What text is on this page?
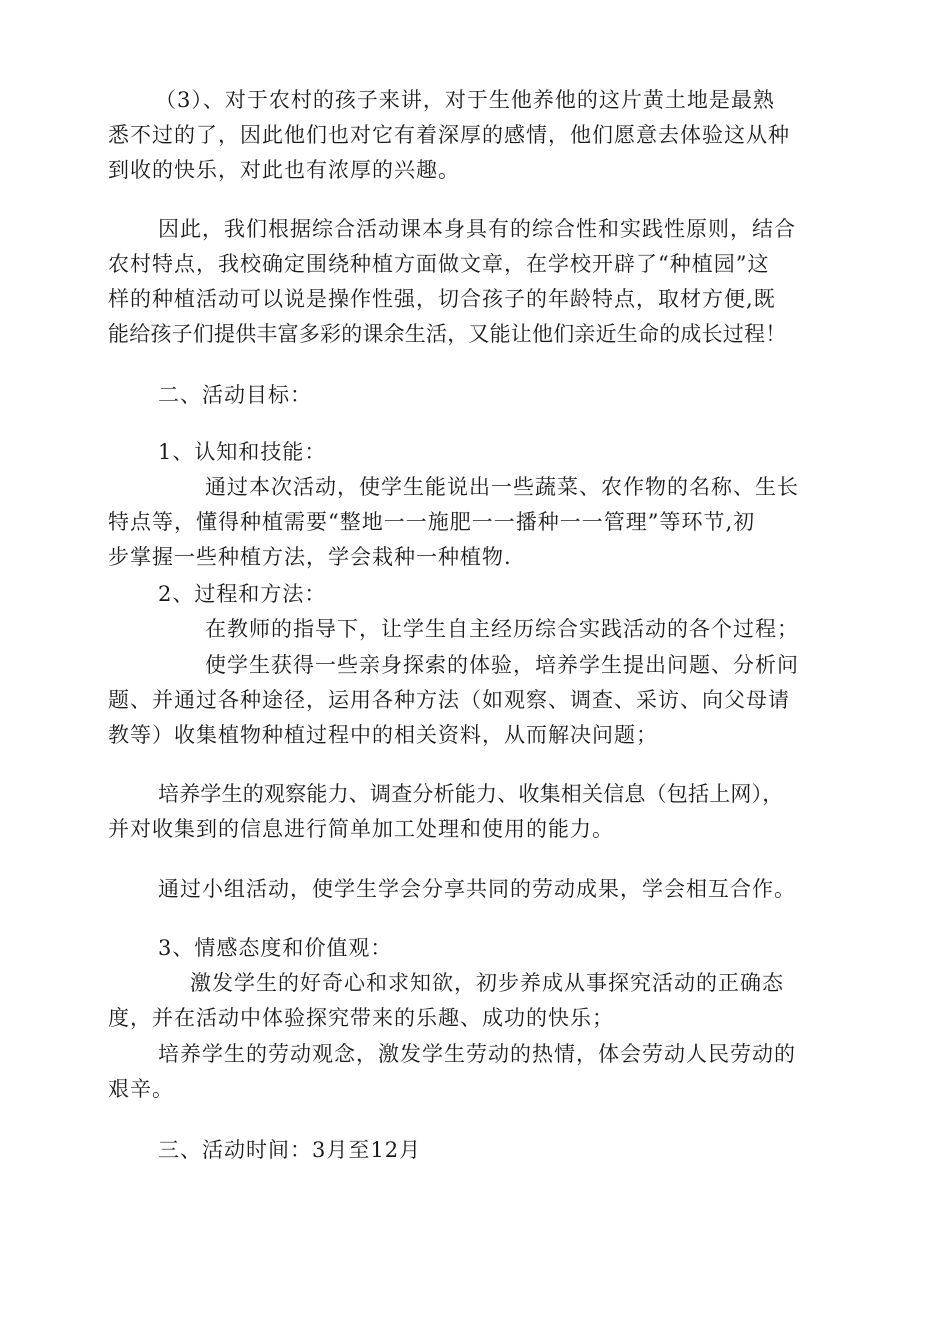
（3）、对于农村的孩子来讲，对于生他养他的这片黄土地是最熟

悉不过的了，因此他们也对它有着深厚的感情，他们愿意去体验这从种

到收的快乐，对此也有浓厚的兴趣。

因此，我们根据综合活动课本身具有的综合性和实践性原则，结合

农村特点，我校确定围绕种植方面做文章，在学校开辟了“种植园”这

样的种植活动可以说是操作性强，切合孩子的年龄特点，取材方便,既

能给孩子们提供丰富多彩的课余生活，又能让他们亲近生命的成长过程！

二、活动目标：

1、认知和技能：

通过本次活动，使学生能说出一些蔬菜、农作物的名称、生长

特点等，懂得种植需要“整地一一施肥一一播种一一管理”等环节,初

步掌握一些种植方法，学会栽种一种植物.

2、过程和方法：

在教师的指导下，让学生自主经历综合实践活动的各个过程；

使学生获得一些亲身探索的体验，培养学生提出问题、分析问

题、并通过各种途径，运用各种方法（如观察、调查、采访、向父母请

教等）收集植物种植过程中的相关资料，从而解决问题；

培养学生的观察能力、调查分析能力、收集相关信息（包括上网），

并对收集到的信息进行简单加工处理和使用的能力。

通过小组活动，使学生学会分享共同的劳动成果，学会相互合作。

3、情感态度和价值观：

激发学生的好奇心和求知欲，初步养成从事探究活动的正确态

度，并在活动中体验探究带来的乐趣、成功的快乐；

培养学生的劳动观念，激发学生劳动的热情，体会劳动人民劳动的

艰辛。

三、活动时间：3月至12月
